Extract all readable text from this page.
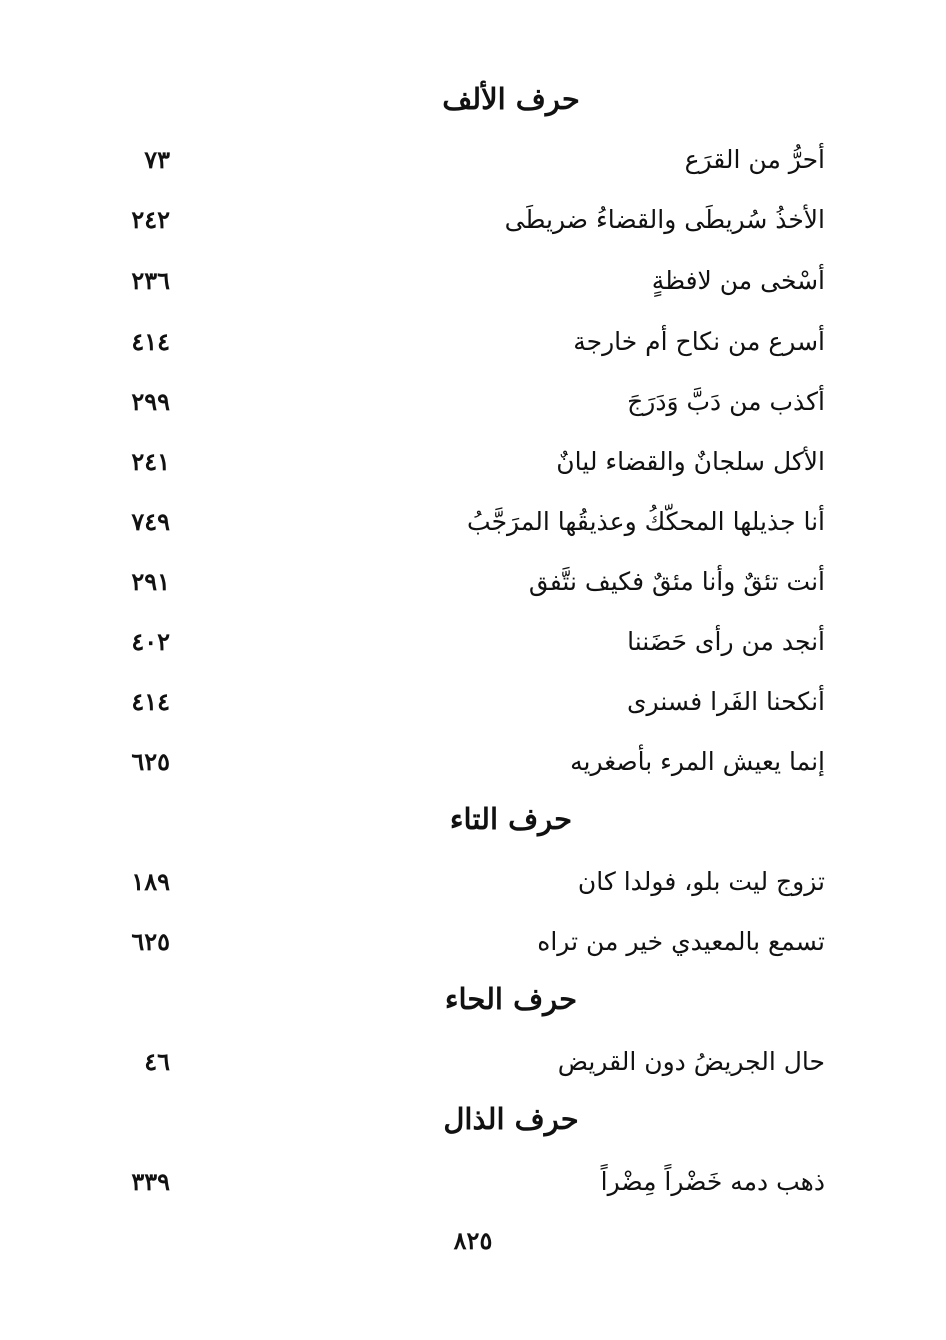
حرف الألف
أحرُّ من القرَع
٧٣
الأخذُ سُريطَى والقضاءُ ضريطَى
٢٤٢
أسْخى من لافظةٍ
٢٣٦
أسرع من نكاح أم خارجة
٤١٤
أكذب من دَبَّ وَدَرَجَ
٢٩٩
الأكل سلجانٌ والقضاء ليانٌ
٢٤١
أنا جذيلها المحكّكُ وعذيقُها المرَجَّبُ
٧٤٩
أنت تئقٌ وأنا مئقٌ فكيف نتَّفق
٢٩١
أنجد من رأى حَضَننا
٤٠٢
أنكحنا الفَرا فسنرى
٤١٤
إنما يعيش المرء بأصغريه
٦٢٥
حرف التاء
تزوج ليت بلو، فولدا كان
١٨٩
تسمع بالمعيدي خير من تراه
٦٢٥
حرف الحاء
حال الجريضُ دون القريض
٤٦
حرف الذال
ذهب دمه خَضْراً مِضْراً
٣٣٩
٨٢٥
